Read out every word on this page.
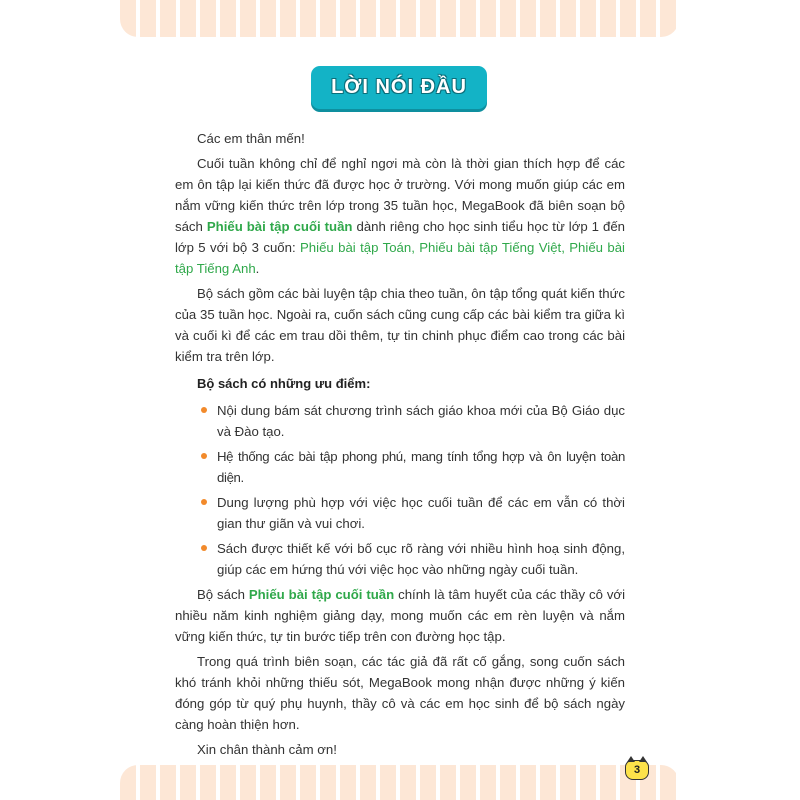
LỜI NÓI ĐẦU

Các em thân mến!

Cuối tuần không chỉ để nghỉ ngơi mà còn là thời gian thích hợp để các em ôn tập lại kiến thức đã được học ở trường. Với mong muốn giúp các em nắm vững kiến thức trên lớp trong 35 tuần học, MegaBook đã biên soạn bộ sách Phiếu bài tập cuối tuần dành riêng cho học sinh tiểu học từ lớp 1 đến lớp 5 với bộ 3 cuốn: Phiếu bài tập Toán, Phiếu bài tập Tiếng Việt, Phiếu bài tập Tiếng Anh.

Bộ sách gồm các bài luyện tập chia theo tuần, ôn tập tổng quát kiến thức của 35 tuần học. Ngoài ra, cuốn sách cũng cung cấp các bài kiểm tra giữa kì và cuối kì để các em trau dồi thêm, tự tin chinh phục điểm cao trong các bài kiểm tra trên lớp.

Bộ sách có những ưu điểm:
Nội dung bám sát chương trình sách giáo khoa mới của Bộ Giáo dục và Đào tạo.
Hệ thống các bài tập phong phú, mang tính tổng hợp và ôn luyện toàn diện.
Dung lượng phù hợp với việc học cuối tuần để các em vẫn có thời gian thư giãn và vui chơi.
Sách được thiết kế với bố cục rõ ràng với nhiều hình hoạ sinh động, giúp các em hứng thú với việc học vào những ngày cuối tuần.

Bộ sách Phiếu bài tập cuối tuần chính là tâm huyết của các thầy cô với nhiều năm kinh nghiệm giảng dạy, mong muốn các em rèn luyện và nắm vững kiến thức, tự tin bước tiếp trên con đường học tập.

Trong quá trình biên soạn, các tác giả đã rất cố gắng, song cuốn sách khó tránh khỏi những thiếu sót, MegaBook mong nhận được những ý kiến đóng góp từ quý phụ huynh, thầy cô và các em học sinh để bộ sách ngày càng hoàn thiện hơn.

Xin chân thành cảm ơn!

3
